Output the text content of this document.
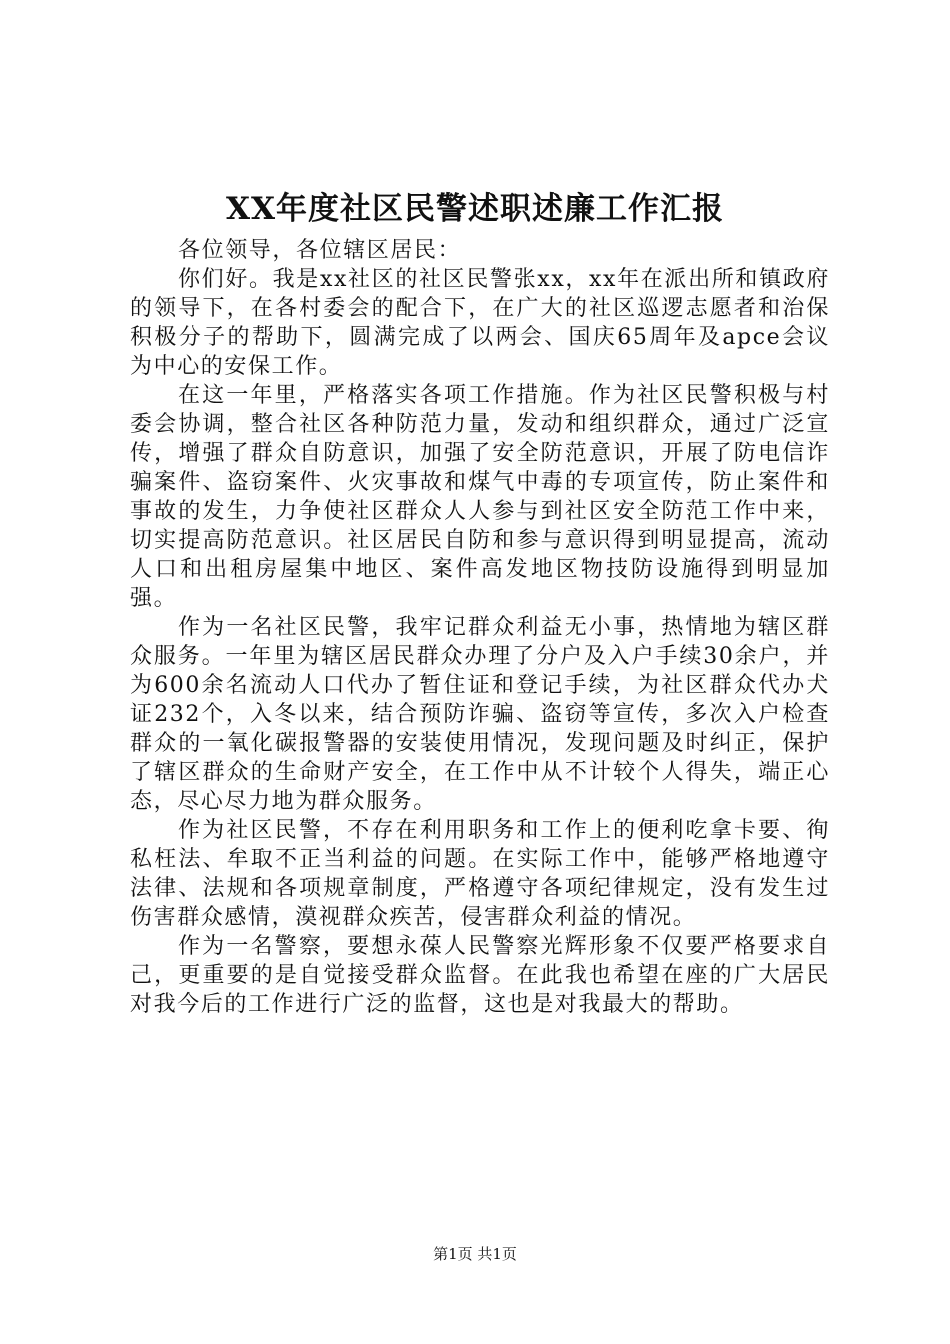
XX年度社区民警述职述廉工作汇报

各位领导，各位辖区居民：

你们好。我是xx社区的社区民警张xx，xx年在派出所和镇政府的领导下，在各村委会的配合下，在广大的社区巡逻志愿者和治保积极分子的帮助下，圆满完成了以两会、国庆65周年及apce会议为中心的安保工作。

在这一年里，严格落实各项工作措施。作为社区民警积极与村委会协调，整合社区各种防范力量，发动和组织群众，通过广泛宣传，增强了群众自防意识，加强了安全防范意识，开展了防电信诈骗案件、盗窃案件、火灾事故和煤气中毒的专项宣传，防止案件和事故的发生，力争使社区群众人人参与到社区安全防范工作中来，切实提高防范意识。社区居民自防和参与意识得到明显提高，流动人口和出租房屋集中地区、案件高发地区物技防设施得到明显加强。

作为一名社区民警，我牢记群众利益无小事，热情地为辖区群众服务。一年里为辖区居民群众办理了分户及入户手续30余户，并为600余名流动人口代办了暂住证和登记手续，为社区群众代办犬证232个，入冬以来，结合预防诈骗、盗窃等宣传，多次入户检查群众的一氧化碳报警器的安装使用情况，发现问题及时纠正，保护了辖区群众的生命财产安全，在工作中从不计较个人得失，端正心态，尽心尽力地为群众服务。

作为社区民警，不存在利用职务和工作上的便利吃拿卡要、徇私枉法、牟取不正当利益的问题。在实际工作中，能够严格地遵守法律、法规和各项规章制度，严格遵守各项纪律规定，没有发生过伤害群众感情，漠视群众疾苦，侵害群众利益的情况。

作为一名警察，要想永葆人民警察光辉形象不仅要严格要求自己，更重要的是自觉接受群众监督。在此我也希望在座的广大居民对我今后的工作进行广泛的监督，这也是对我最大的帮助。

第1页 共1页
